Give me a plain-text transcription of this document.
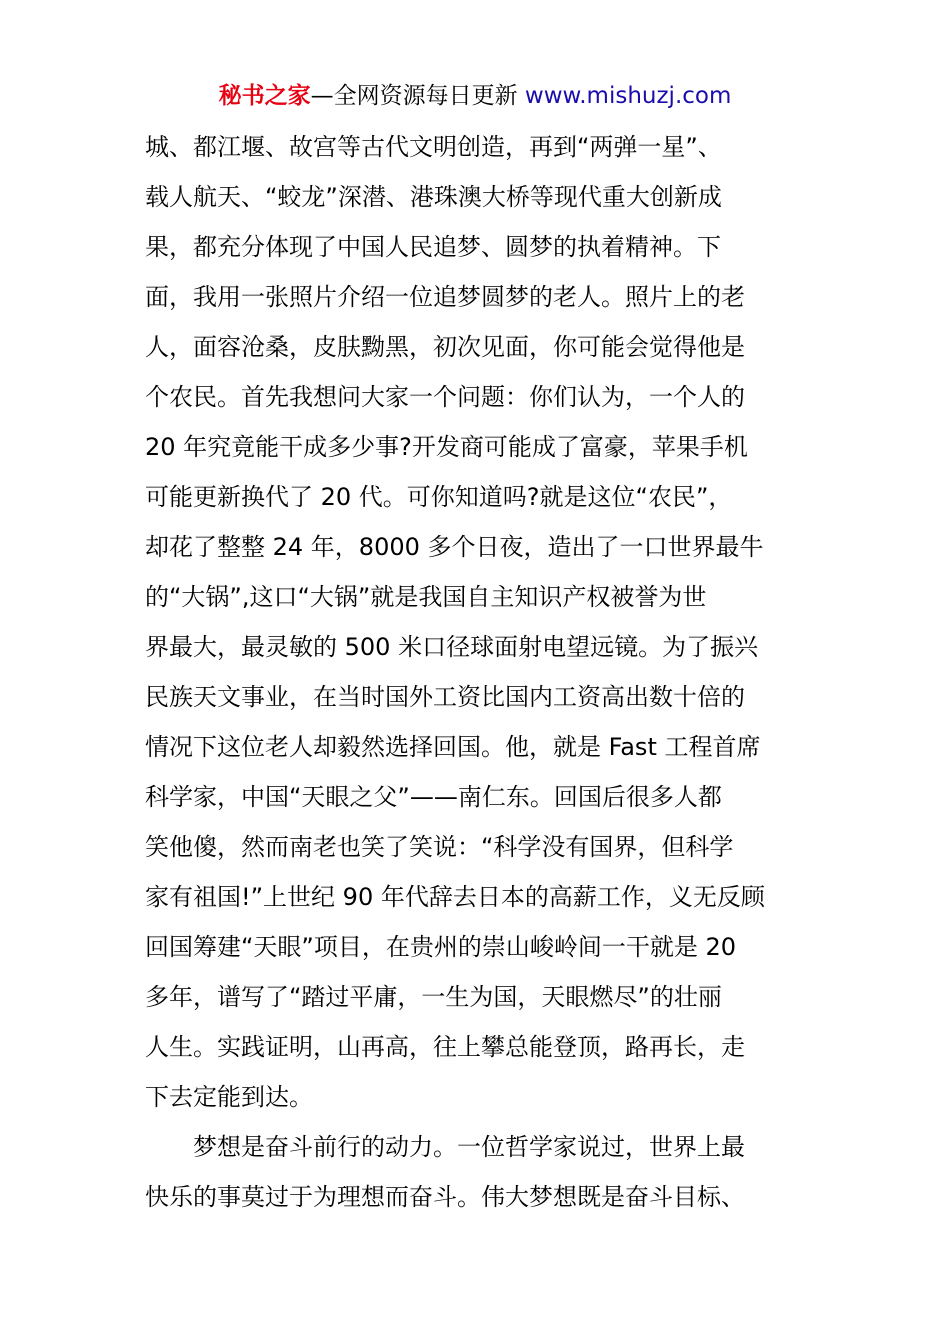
秘书之家—全网资源每日更新 www.mishuzj.com
城、都江堰、故宫等古代文明创造，再到“两弹一星”、
载人航天、“蛟龙”深潜、港珠澳大桥等现代重大创新成
果，都充分体现了中国人民追梦、圆梦的执着精神。下
面，我用一张照片介绍一位追梦圆梦的老人。照片上的老
人，面容沧桑，皮肤黝黑，初次见面，你可能会觉得他是
个农民。首先我想问大家一个问题：你们认为，一个人的
20 年究竟能干成多少事?开发商可能成了富豪，苹果手机
可能更新换代了 20 代。可你知道吗?就是这位“农民”，
却花了整整 24 年，8000 多个日夜，造出了一口世界最牛
的“大锅”,这口“大锅”就是我国自主知识产权被誉为世
界最大，最灵敏的 500 米口径球面射电望远镜。为了振兴
民族天文事业，在当时国外工资比国内工资高出数十倍的
情况下这位老人却毅然选择回国。他，就是 Fast 工程首席
科学家，中国“天眼之父”——南仁东。回国后很多人都
笑他傻，然而南老也笑了笑说：“科学没有国界，但科学
家有祖国!”上世纪 90 年代辞去日本的高薪工作，义无反顾
回国筹建“天眼”项目，在贵州的崇山峻岭间一干就是 20
多年，谱写了“踏过平庸，一生为国，天眼燃尽”的壮丽
人生。实践证明，山再高，往上攀总能登顶，路再长，走
下去定能到达。
梦想是奋斗前行的动力。一位哲学家说过，世界上最
快乐的事莫过于为理想而奋斗。伟大梦想既是奋斗目标、
